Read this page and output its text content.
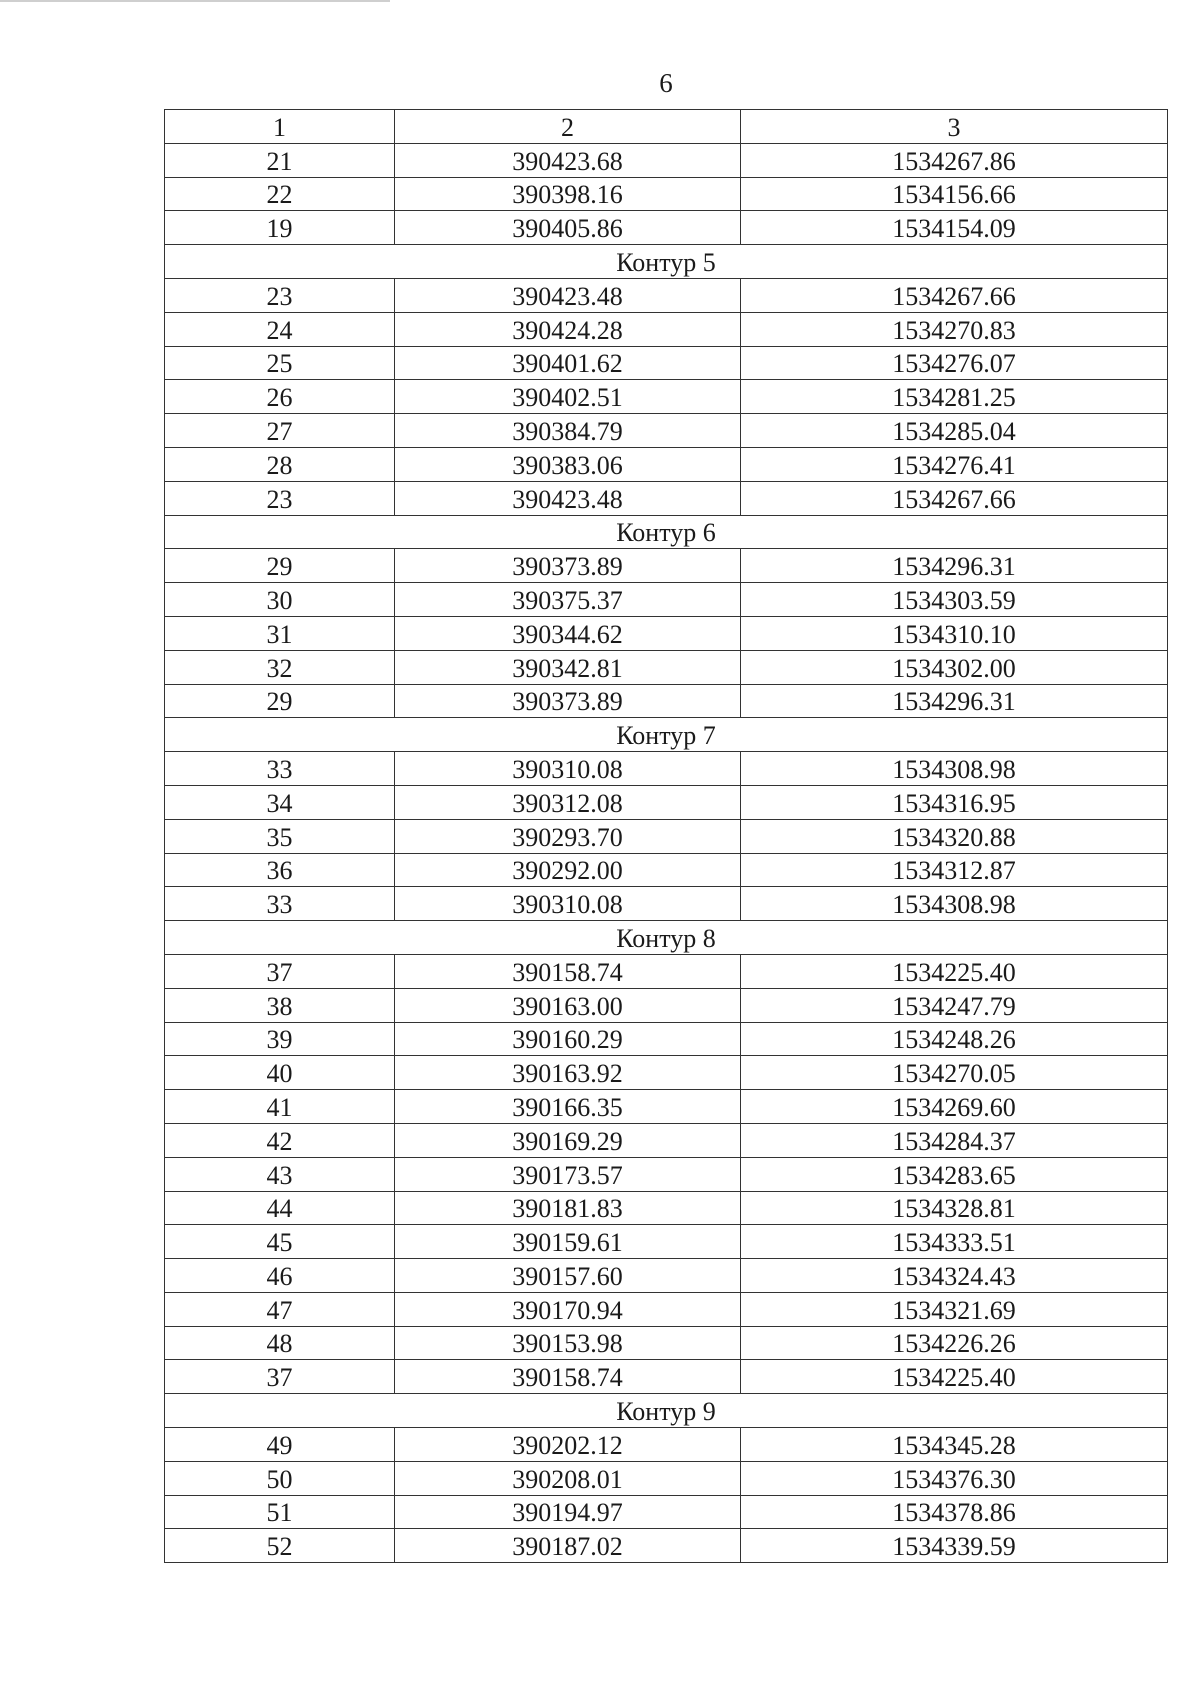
6
1	2	3
21	390423.68	1534267.86
22	390398.16	1534156.66
19	390405.86	1534154.09
Контур 5		
23	390423.48	1534267.66
24	390424.28	1534270.83
25	390401.62	1534276.07
26	390402.51	1534281.25
27	390384.79	1534285.04
28	390383.06	1534276.41
23	390423.48	1534267.66
Контур 6		
29	390373.89	1534296.31
30	390375.37	1534303.59
31	390344.62	1534310.10
32	390342.81	1534302.00
29	390373.89	1534296.31
Контур 7		
33	390310.08	1534308.98
34	390312.08	1534316.95
35	390293.70	1534320.88
36	390292.00	1534312.87
33	390310.08	1534308.98
Контур 8		
37	390158.74	1534225.40
38	390163.00	1534247.79
39	390160.29	1534248.26
40	390163.92	1534270.05
41	390166.35	1534269.60
42	390169.29	1534284.37
43	390173.57	1534283.65
44	390181.83	1534328.81
45	390159.61	1534333.51
46	390157.60	1534324.43
47	390170.94	1534321.69
48	390153.98	1534226.26
37	390158.74	1534225.40
Контур 9		
49	390202.12	1534345.28
50	390208.01	1534376.30
51	390194.97	1534378.86
52	390187.02	1534339.59
